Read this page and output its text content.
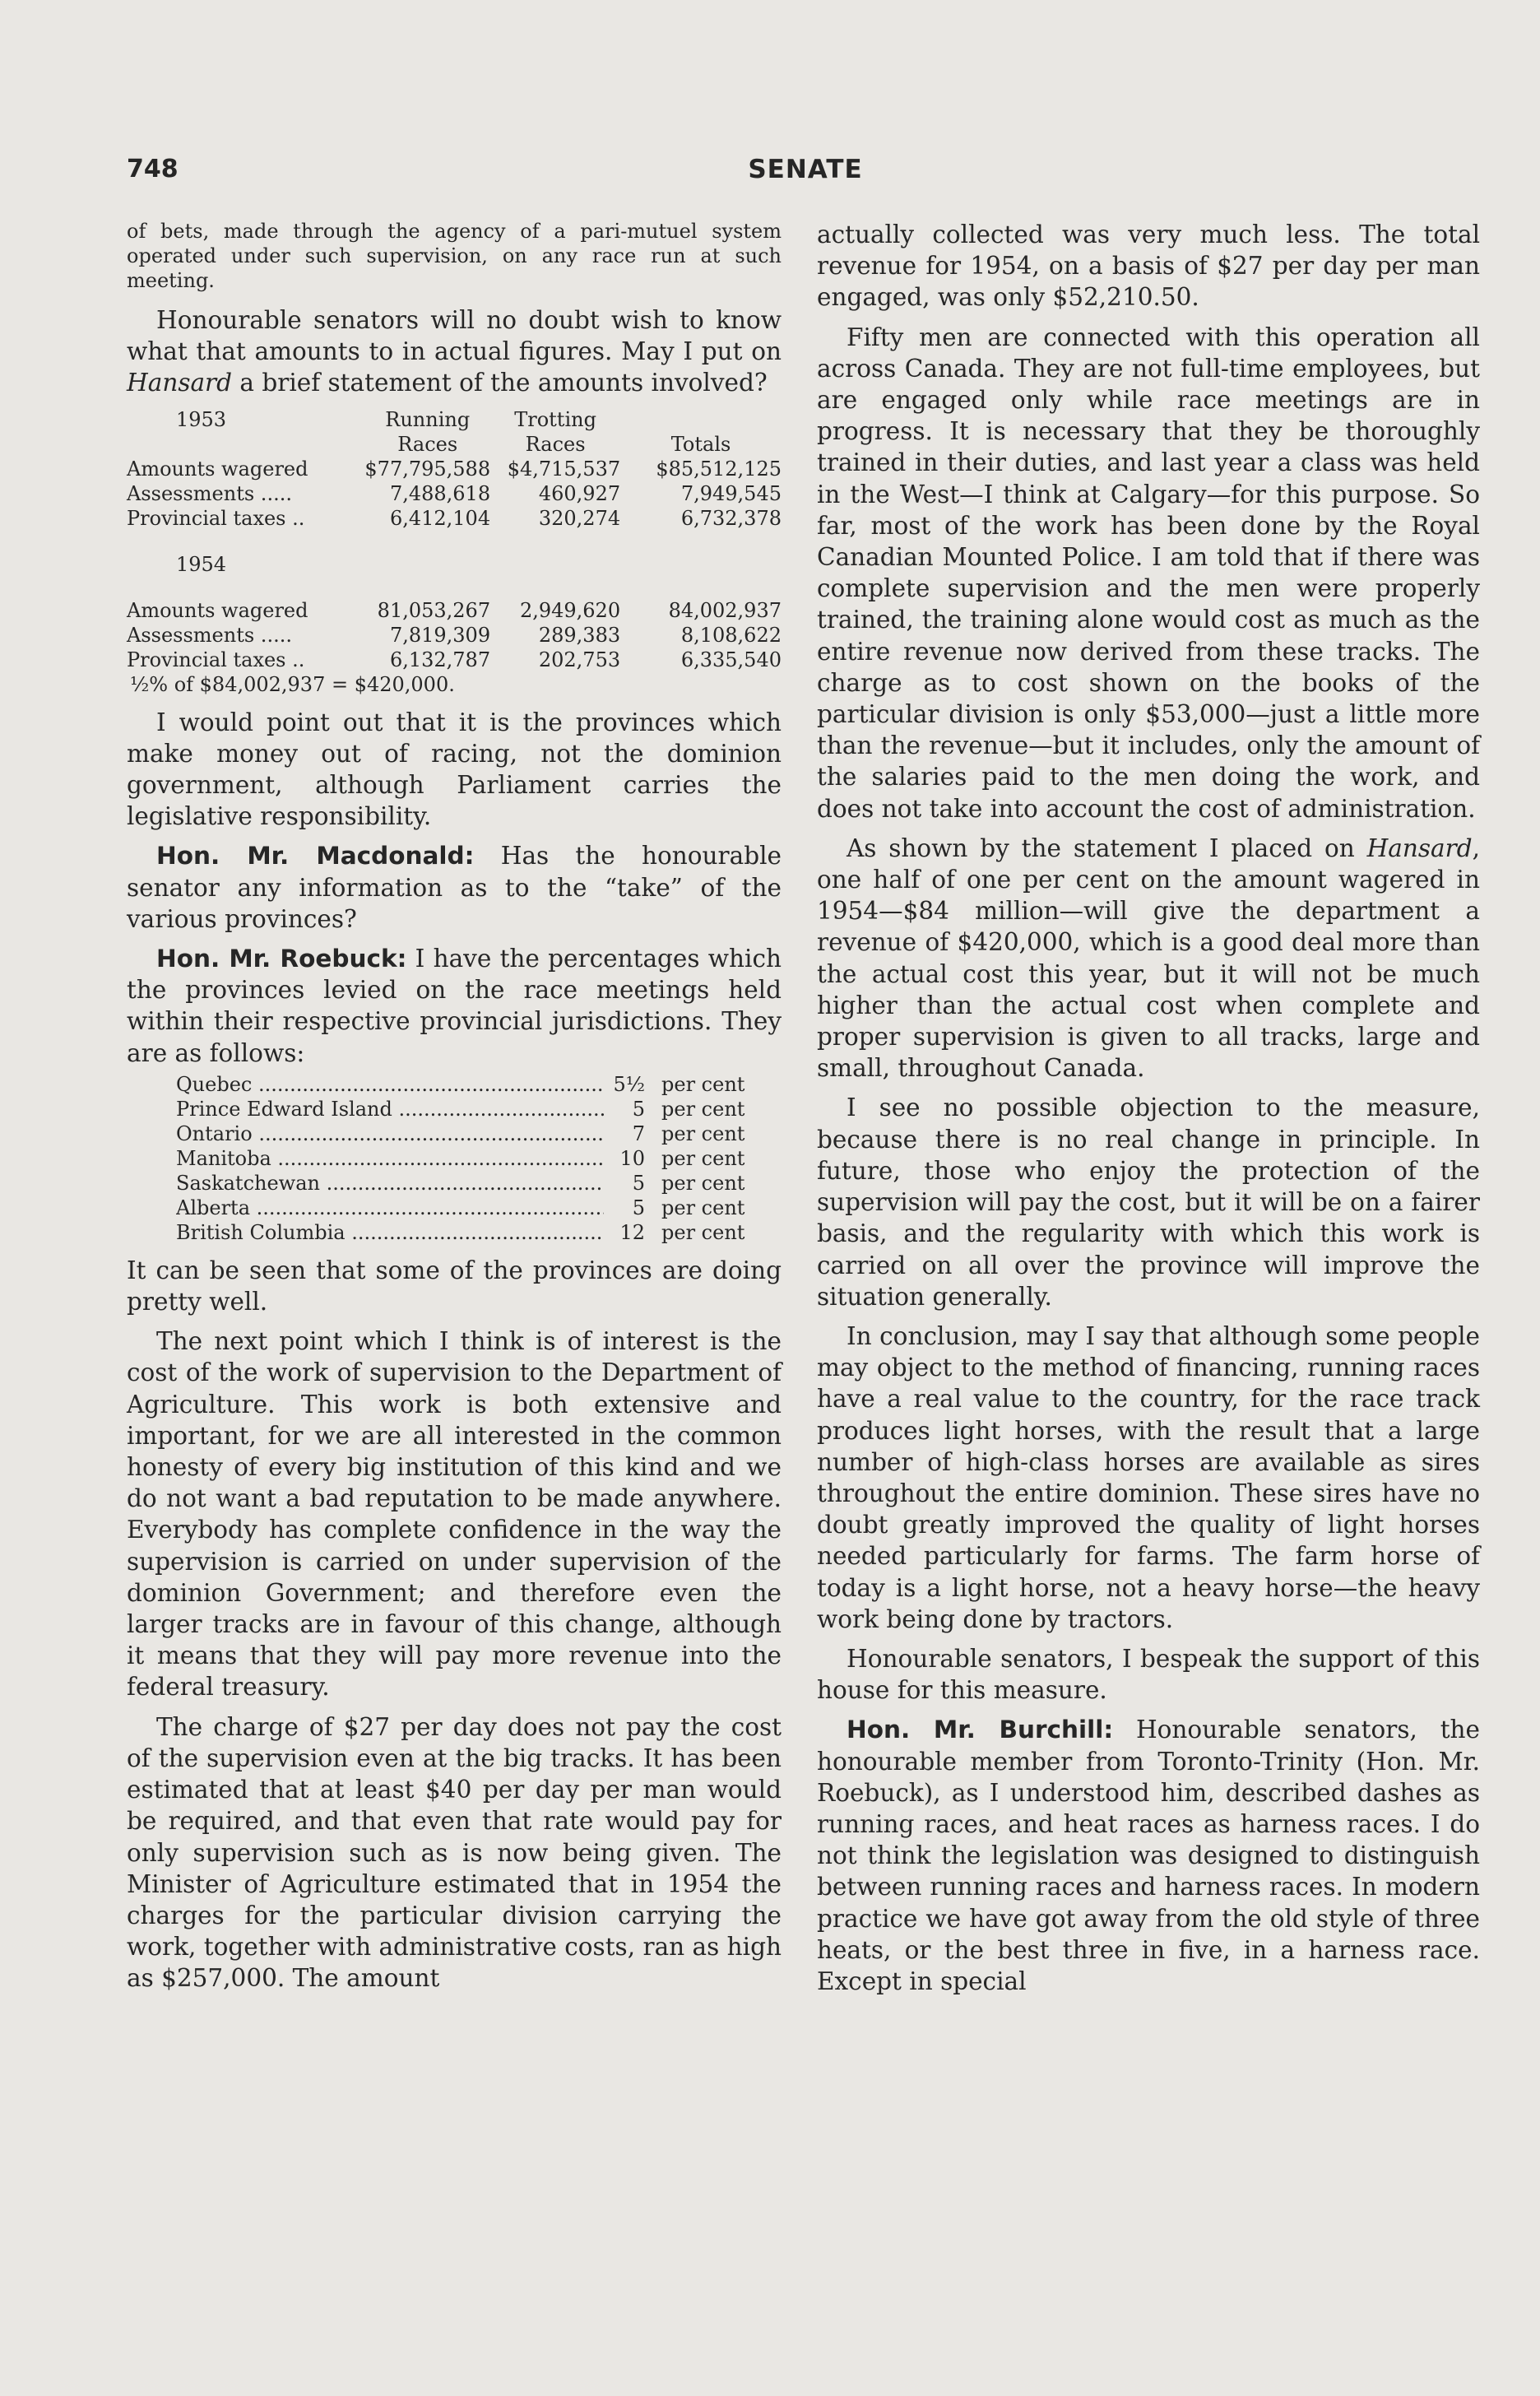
748	SENATE

of bets, made through the agency of a pari-mutuel system operated under such supervision, on any race run at such meeting.

Honourable senators will no doubt wish to know what that amounts to in actual figures. May I put on Hansard a brief statement of the amounts involved?

1953	Running	Trotting	
	Races	Races	Totals
Amounts wagered	$77,795,588	$4,715,537	$85,512,125
Assessments .....	7,488,618	460,927	7,949,545
Provincial taxes ..	6,412,104	320,274	6,732,378

1954			

Amounts wagered	81,053,267	2,949,620	84,002,937
Assessments .....	7,819,309	289,383	8,108,622
Provincial taxes ..	6,132,787	202,753	6,335,540
½% of $84,002,937 = $420,000.

I would point out that it is the provinces which make money out of racing, not the dominion government, although Parliament carries the legislative responsibility.

Hon. Mr. Macdonald: Has the honourable senator any information as to the “take” of the various provinces?

Hon. Mr. Roebuck: I have the percentages which the provinces levied on the race meetings held within their respective provincial jurisdictions. They are as follows:

Quebec .....	5½ per cent
Prince Edward Island .....	5 per cent
Ontario .....	7 per cent
Manitoba .....	10 per cent
Saskatchewan .....	5 per cent
Alberta .....	5 per cent
British Columbia .....	12 per cent

It can be seen that some of the provinces are doing pretty well.

The next point which I think is of interest is the cost of the work of supervision to the Department of Agriculture. This work is both extensive and important, for we are all interested in the common honesty of every big institution of this kind and we do not want a bad reputation to be made anywhere. Everybody has complete confidence in the way the supervision is carried on under supervision of the dominion Government; and therefore even the larger tracks are in favour of this change, although it means that they will pay more revenue into the federal treasury.

The charge of $27 per day does not pay the cost of the supervision even at the big tracks. It has been estimated that at least $40 per day per man would be required, and that even that rate would pay for only supervision such as is now being given. The Minister of Agriculture estimated that in 1954 the charges for the particular division carrying the work, together with administrative costs, ran as high as $257,000. The amount

actually collected was very much less. The total revenue for 1954, on a basis of $27 per day per man engaged, was only $52,210.50.

Fifty men are connected with this operation all across Canada. They are not full-time employees, but are engaged only while race meetings are in progress. It is necessary that they be thoroughly trained in their duties, and last year a class was held in the West—I think at Calgary—for this purpose. So far, most of the work has been done by the Royal Canadian Mounted Police. I am told that if there was complete supervision and the men were properly trained, the training alone would cost as much as the entire revenue now derived from these tracks. The charge as to cost shown on the books of the particular division is only $53,000—just a little more than the revenue—but it includes, only the amount of the salaries paid to the men doing the work, and does not take into account the cost of administration.

As shown by the statement I placed on Hansard, one half of one per cent on the amount wagered in 1954—$84 million—will give the department a revenue of $420,000, which is a good deal more than the actual cost this year, but it will not be much higher than the actual cost when complete and proper supervision is given to all tracks, large and small, throughout Canada.

I see no possible objection to the measure, because there is no real change in principle. In future, those who enjoy the protection of the supervision will pay the cost, but it will be on a fairer basis, and the regularity with which this work is carried on all over the province will improve the situation generally.

In conclusion, may I say that although some people may object to the method of financing, running races have a real value to the country, for the race track produces light horses, with the result that a large number of high-class horses are available as sires throughout the entire dominion. These sires have no doubt greatly improved the quality of light horses needed particularly for farms. The farm horse of today is a light horse, not a heavy horse—the heavy work being done by tractors.

Honourable senators, I bespeak the support of this house for this measure.

Hon. Mr. Burchill: Honourable senators, the honourable member from Toronto-Trinity (Hon. Mr. Roebuck), as I understood him, described dashes as running races, and heat races as harness races. I do not think the legislation was designed to distinguish between running races and harness races. In modern practice we have got away from the old style of three heats, or the best three in five, in a harness race. Except in special
